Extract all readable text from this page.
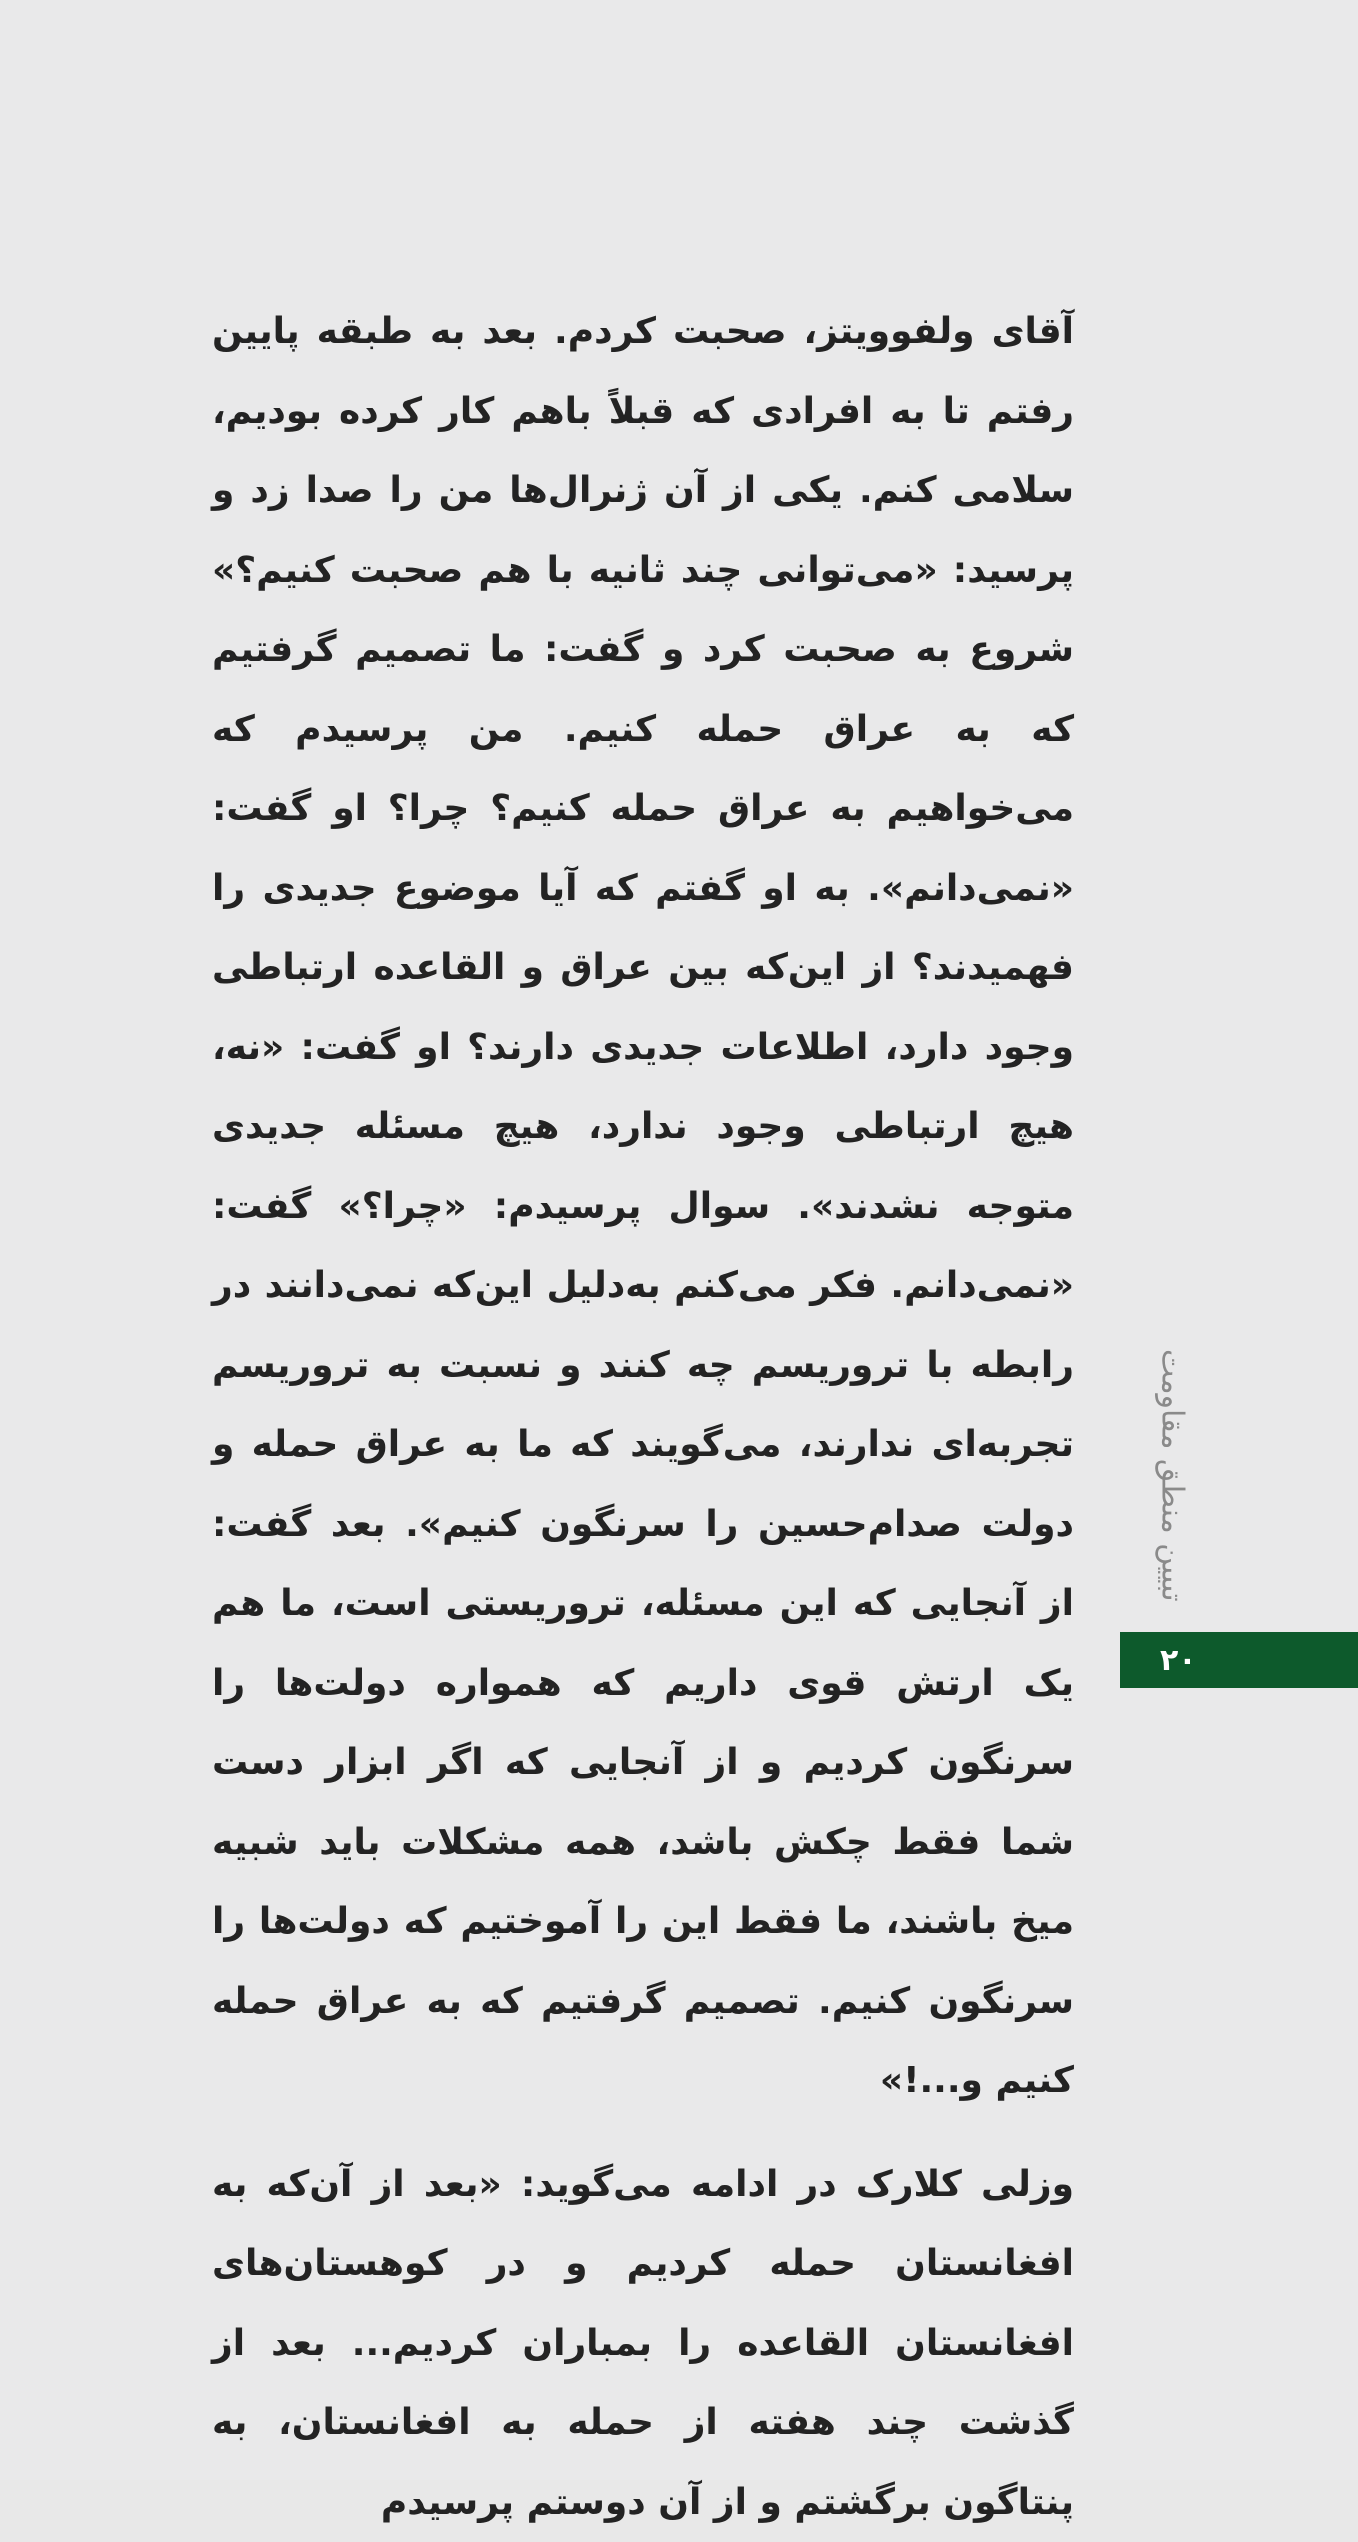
آقای ولفوویتز، صحبت کردم. بعد به طبقه پایین رفتم تا به افرادی که قبلاً باهم کار کرده بودیم، سلامی کنم. یکی از آن ژنرال‌ها من را صدا زد و پرسید: «می‌توانی چند ثانیه با هم صحبت کنیم؟» شروع به صحبت کرد و گفت: ما تصمیم گرفتیم که به عراق حمله کنیم. من پرسیدم که می‌خواهیم به عراق حمله کنیم؟ چرا؟ او گفت: «نمی‌دانم». به او گفتم که آیا موضوع جدیدی را فهمیدند؟ از این‌که بین عراق و القاعده ارتباطی وجود دارد، اطلاعات جدیدی دارند؟ او گفت: «نه، هیچ ارتباطی وجود ندارد، هیچ مسئله جدیدی متوجه نشدند». سوال پرسیدم: «چرا؟» گفت: «نمی‌دانم. فکر می‌کنم به‌دلیل این‌که نمی‌دانند در رابطه با تروریسم چه کنند و نسبت به تروریسم تجربه‌ای ندارند، می‌گویند که ما به عراق حمله و دولت صدام‌حسین را سرنگون کنیم». بعد گفت: از آنجایی که این مسئله، تروریستی است، ما هم یک ارتش قوی داریم که همواره دولت‌ها را سرنگون کردیم و از آنجایی که اگر ابزار دست شما فقط چکش باشد، همه مشکلات باید شبیه میخ باشند، ما فقط این را آموختیم که دولت‌ها را سرنگون کنیم. تصمیم گرفتیم که به عراق حمله کنیم و...!»

وزلی کلارک در ادامه می‌گوید: «بعد از آن‌که به افغانستان حمله کردیم و در کوهستان‌های افغانستان القاعده را بمباران کردیم... بعد از گذشت چند هفته از حمله به افغانستان، به پنتاگون برگشتم و از آن دوستم پرسیدم

تبیین منطق مقاومت
۲۰
